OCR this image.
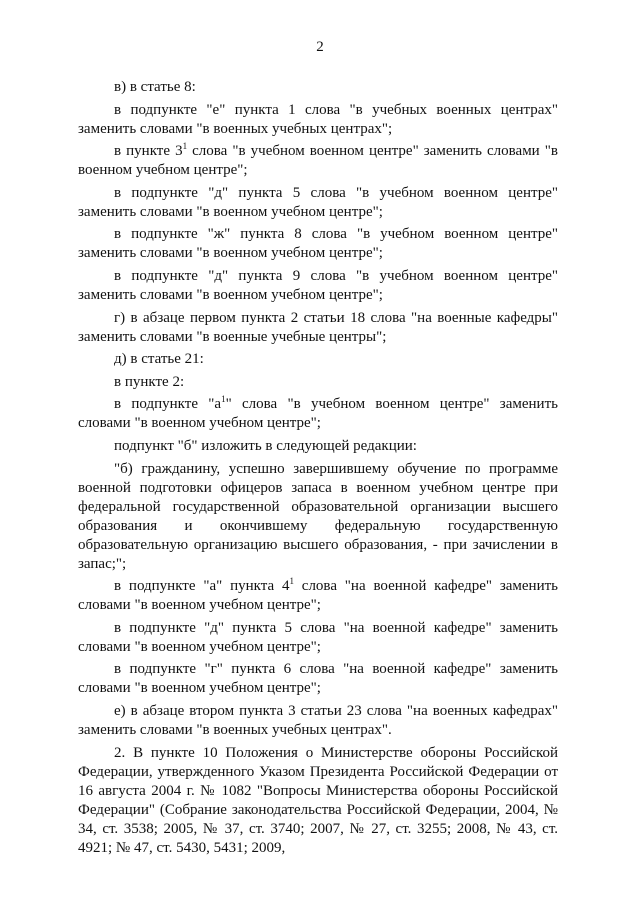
2

в) в статье 8:

в подпункте "е" пункта 1 слова "в учебных военных центрах" заменить словами "в военных учебных центрах";

в пункте $3^1$ слова "в учебном военном центре" заменить словами "в военном учебном центре";

в подпункте "д" пункта 5 слова "в учебном военном центре" заменить словами "в военном учебном центре";

в подпункте "ж" пункта 8 слова "в учебном военном центре" заменить словами "в военном учебном центре";

в подпункте "д" пункта 9 слова "в учебном военном центре" заменить словами "в военном учебном центре";

г) в абзаце первом пункта 2 статьи 18 слова "на военные кафедры" заменить словами "в военные учебные центры";

д) в статье 21:

в пункте 2:

в подпункте "$а^1$" слова "в учебном военном центре" заменить словами "в военном учебном центре";

подпункт "б" изложить в следующей редакции:

"б) гражданину, успешно завершившему обучение по программе военной подготовки офицеров запаса в военном учебном центре при федеральной государственной образовательной организации высшего образования и окончившему федеральную государственную образовательную организацию высшего образования, - при зачислении в запас;";

в подпункте "а" пункта $4^1$ слова "на военной кафедре" заменить словами "в военном учебном центре";

в подпункте "д" пункта 5 слова "на военной кафедре" заменить словами "в военном учебном центре";

в подпункте "г" пункта 6 слова "на военной кафедре" заменить словами "в военном учебном центре";

е) в абзаце втором пункта 3 статьи 23 слова "на военных кафедрах" заменить словами "в военных учебных центрах".

2. В пункте 10 Положения о Министерстве обороны Российской Федерации, утвержденного Указом Президента Российской Федерации от 16 августа 2004 г. № 1082 "Вопросы Министерства обороны Российской Федерации" (Собрание законодательства Российской Федерации, 2004, № 34, ст. 3538; 2005, № 37, ст. 3740; 2007, № 27, ст. 3255; 2008, № 43, ст. 4921; № 47, ст. 5430, 5431; 2009,
